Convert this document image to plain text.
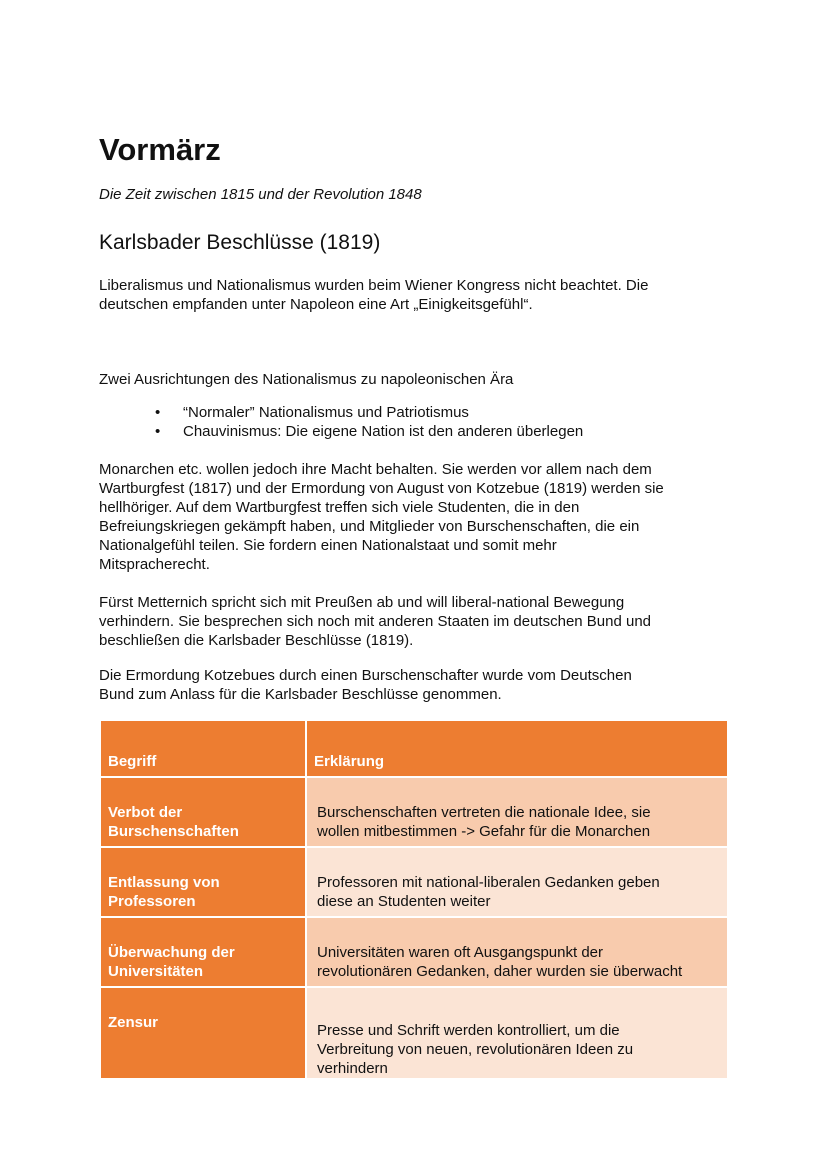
Vormärz
Die Zeit zwischen 1815 und der Revolution 1848
Karlsbader Beschlüsse (1819)
Liberalismus und Nationalismus wurden beim Wiener Kongress nicht beachtet. Die
deutschen empfanden unter Napoleon eine Art „Einigkeitsgefühl“.
Zwei Ausrichtungen des Nationalismus zu napoleonischen Ära
• “Normaler” Nationalismus und Patriotismus
• Chauvinismus: Die eigene Nation ist den anderen überlegen
Monarchen etc. wollen jedoch ihre Macht behalten. Sie werden vor allem nach dem
Wartburgfest (1817) und der Ermordung von August von Kotzebue (1819) werden sie
hellhöriger. Auf dem Wartburgfest treffen sich viele Studenten, die in den
Befreiungskriegen gekämpft haben, und Mitglieder von Burschenschaften, die ein
Nationalgefühl teilen. Sie fordern einen Nationalstaat und somit mehr
Mitspracherecht.
Fürst Metternich spricht sich mit Preußen ab und will liberal-national Bewegung
verhindern. Sie besprechen sich noch mit anderen Staaten im deutschen Bund und
beschließen die Karlsbader Beschlüsse (1819).
Die Ermordung Kotzebues durch einen Burschenschafter wurde vom Deutschen
Bund zum Anlass für die Karlsbader Beschlüsse genommen.
Begriff	Erklärung

Verbot der
Burschenschaften	Burschenschaften vertreten die nationale Idee, sie
wollen mitbestimmen -> Gefahr für die Monarchen

Entlassung von
Professoren	Professoren mit national-liberalen Gedanken geben
diese an Studenten weiter

Überwachung der
Universitäten	Universitäten waren oft Ausgangspunkt der
revolutionären Gedanken, daher wurden sie überwacht

Zensur	Presse und Schrift werden kontrolliert, um die
Verbreitung von neuen, revolutionären Ideen zu
verhindern
